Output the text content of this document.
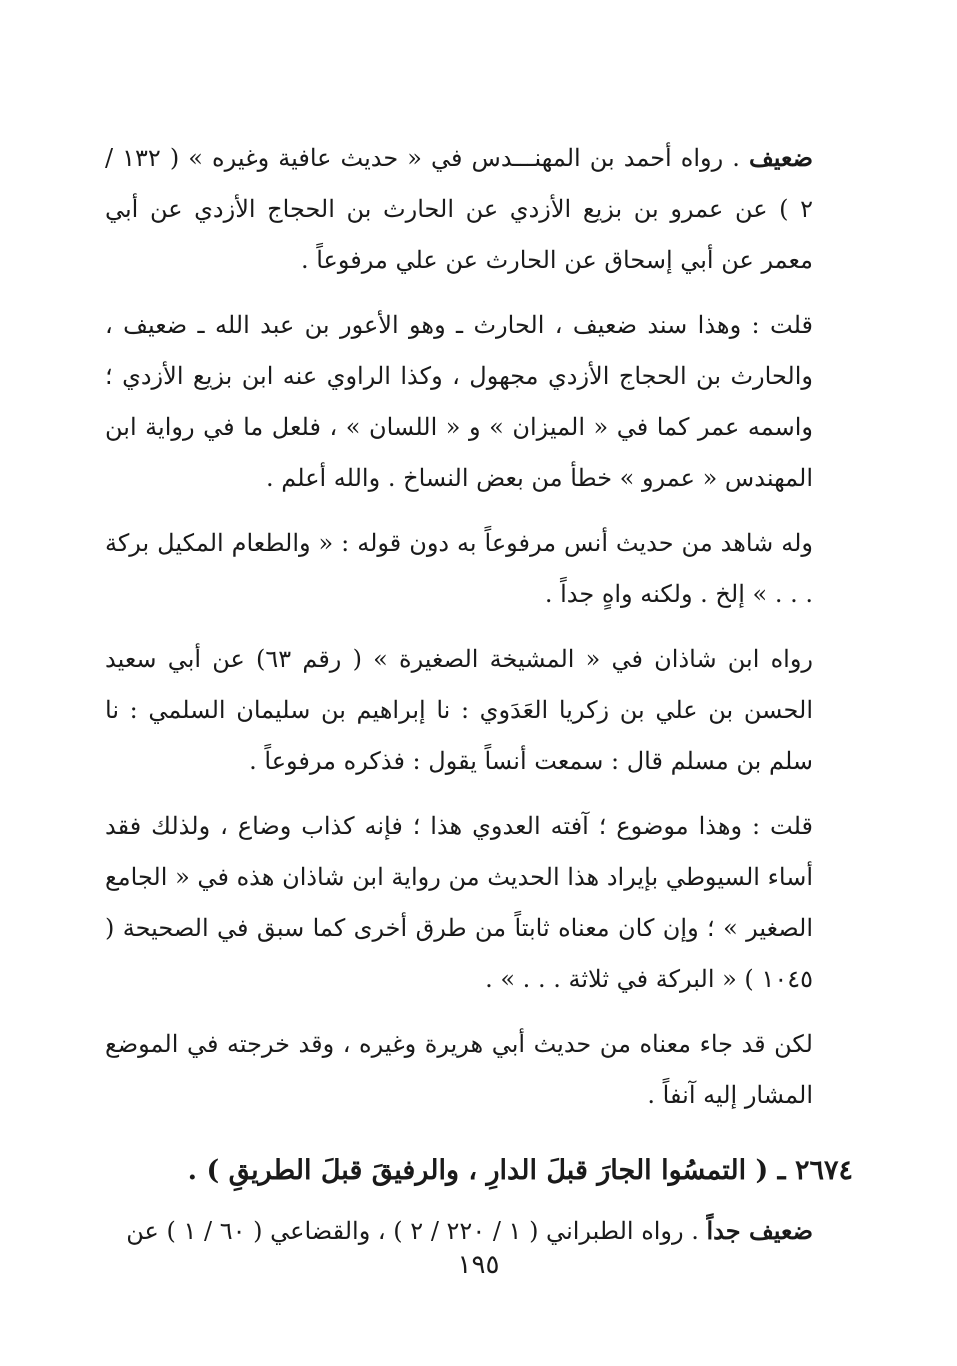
ضعيف . رواه أحمد بن المهنـــدس في « حديث عافية وغيره » ( ١٣٢ / ٢ ) عن عمرو بن بزيع الأزدي عن الحارث بن الحجاج الأزدي عن أبي معمر عن أبي إسحاق عن الحارث عن علي مرفوعاً .

قلت : وهذا سند ضعيف ، الحارث ـ وهو الأعور بن عبد الله ـ ضعيف ، والحارث بن الحجاج الأزدي مجهول ، وكذا الراوي عنه ابن بزيع الأزدي ؛ واسمه عمر كما في « الميزان » و « اللسان » ، فلعل ما في رواية ابن المهندس « عمرو » خطأ من بعض النساخ . والله أعلم .

وله شاهد من حديث أنس مرفوعاً به دون قوله : « والطعام المكيل بركة . . . » إلخ . ولكنه واهٍ جداً .

رواه ابن شاذان في « المشيخة الصغيرة » ( رقم ٦٣) عن أبي سعيد الحسن بن علي بن زكريا العَدَوي : نا إبراهيم بن سليمان السلمي : نا سلم بن مسلم قال : سمعت أنساً يقول : فذكره مرفوعاً .

قلت : وهذا موضوع ؛ آفته العدوي هذا ؛ فإنه كذاب وضاع ، ولذلك فقد أساء السيوطي بإيراد هذا الحديث من رواية ابن شاذان هذه في « الجامع الصغير » ؛ وإن كان معناه ثابتاً من طرق أخرى كما سبق في الصحيحة ( ١٠٤٥ ) « البركة في ثلاثة . . . » .

لكن قد جاء معناه من حديث أبي هريرة وغيره ، وقد خرجته في الموضع المشار إليه آنفاً .

٢٦٧٤ ـ ( التمسُوا الجارَ قبلَ الدارِ ، والرفيقَ قبلَ الطريقِ ) .

ضعيف جداً . رواه الطبراني ( ١ / ٢٢٠ / ٢ ) ، والقضاعي ( ٦٠ / ١ ) عن

١٩٥
